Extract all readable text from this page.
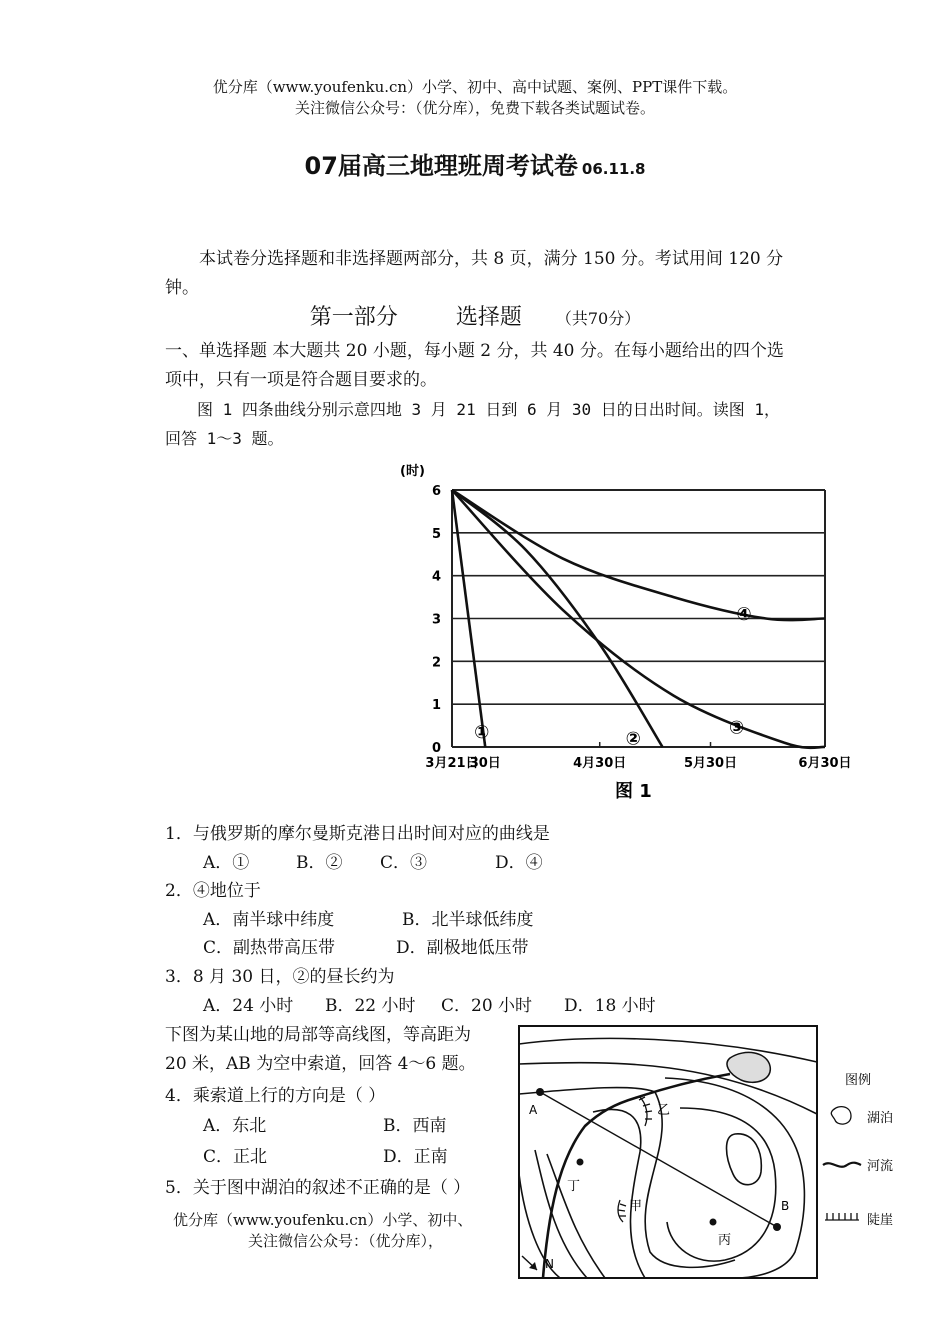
优分库（www.youfenku.cn）小学、初中、高中试题、案例、PPT课件下载。
关注微信公众号：（优分库），免费下载各类试题试卷。
07届高三地理班周考试卷 06.11.8
本试卷分选择题和非选择题两部分，共 8 页，满分 150 分。考试用间 120 分钟。
第一部分	选择题 （共70分）
一、单选择题 本大题共 20 小题，每小题 2 分，共 40 分。在每小题给出的四个选项中，只有一项是符合题目要求的。
图 1 四条曲线分别示意四地 3 月 21 日到 6 月 30 日的日出时间。读图 1，回答 1～3 题。
0
1
2
3
4
5
6
3月21日
30日	4月30日	5月30日	6月30日
①	②
③
④
(时)
图 1
1．与俄罗斯的摩尔曼斯克港日出时间对应的曲线是
A．①	B．② C．③	D．④
2．④地位于
A．南半球中纬度	B．北半球低纬度
C．副热带高压带	D．副极地低压带
3．8 月 30 日，②的昼长约为
A．24 小时 B．22 小时 C．20 小时 D．18 小时
下图为某山地的局部等高线图，等高距为
20 米，AB 为空中索道，回答 4～6 题。
4．乘索道上行的方向是（ ）
A．东北	B．西南
C．正北	D．正南
5．关于图中湖泊的叙述不正确的是（ ）
优分库（www.youfenku.cn）小学、初中、
关注微信公众号：（优分库），
A
B
乙
丁
甲
丙
N
图例
湖泊
河流
陡崖
